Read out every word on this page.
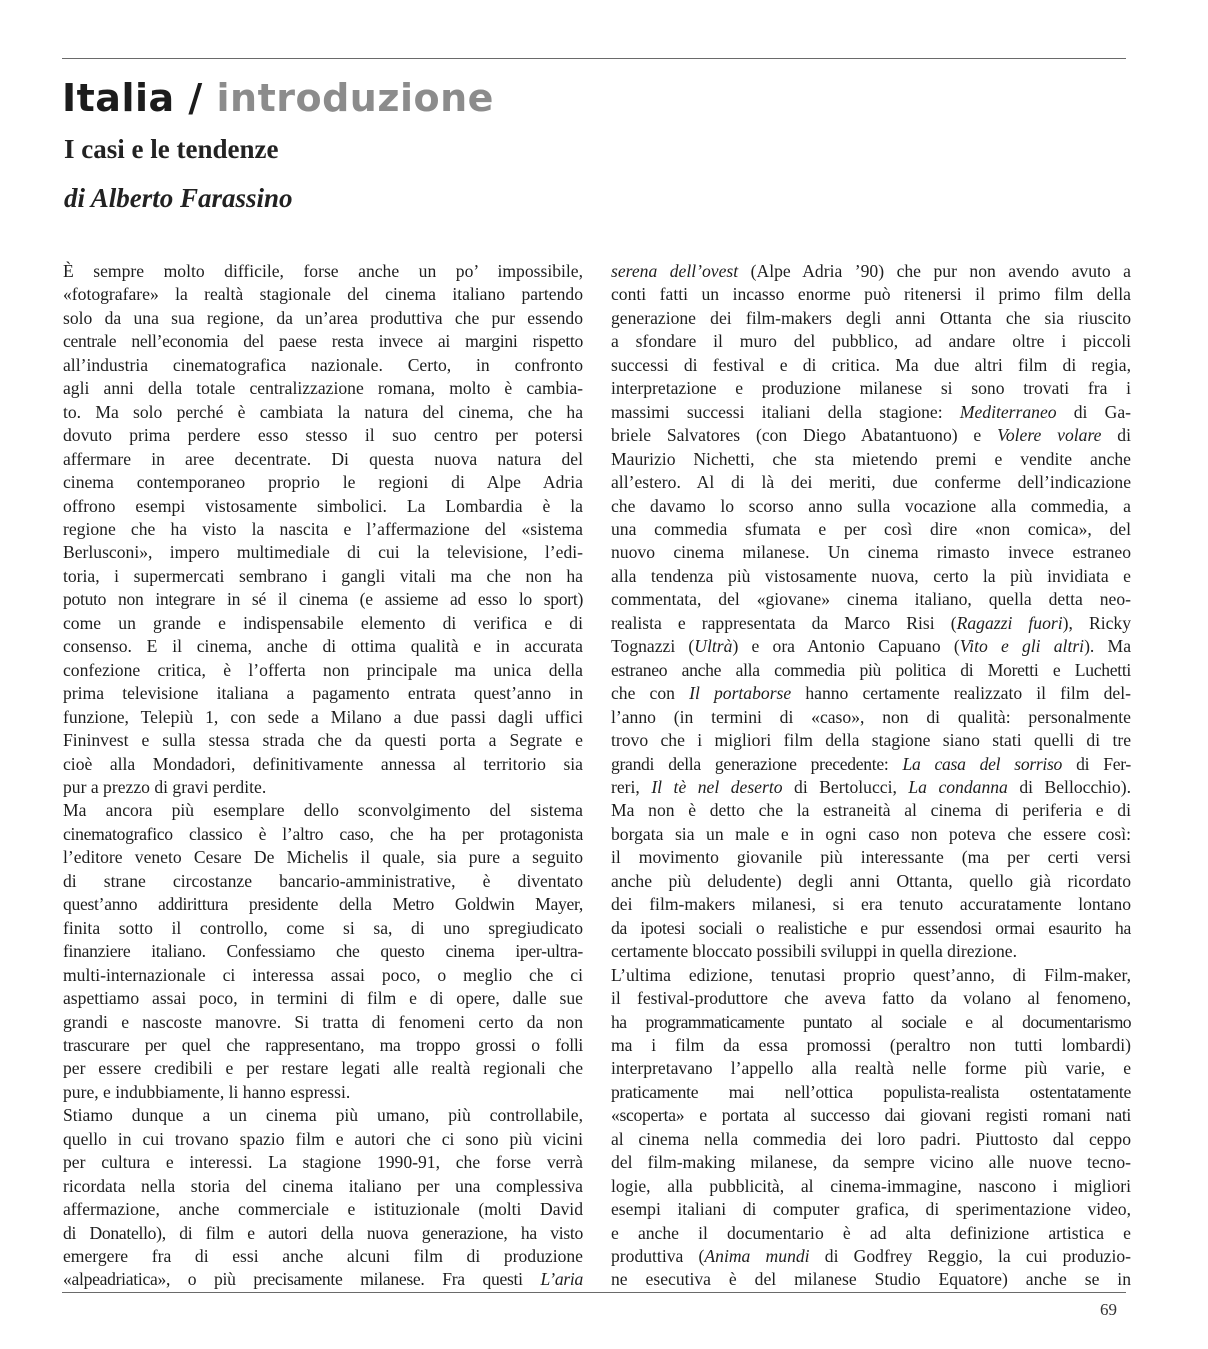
Italia / introduzione
I casi e le tendenze
di Alberto Farassino

È sempre molto difficile, forse anche un po’ impossibile,
«fotografare» la realtà stagionale del cinema italiano partendo
solo da una sua regione, da un’area produttiva che pur essendo
centrale nell’economia del paese resta invece ai margini rispetto
all’industria cinematografica nazionale. Certo, in confronto
agli anni della totale centralizzazione romana, molto è cambia-
to. Ma solo perché è cambiata la natura del cinema, che ha
dovuto prima perdere esso stesso il suo centro per potersi
affermare in aree decentrate. Di questa nuova natura del
cinema contemporaneo proprio le regioni di Alpe Adria
offrono esempi vistosamente simbolici. La Lombardia è la
regione che ha visto la nascita e l’affermazione del «sistema
Berlusconi», impero multimediale di cui la televisione, l’edi-
toria, i supermercati sembrano i gangli vitali ma che non ha
potuto non integrare in sé il cinema (e assieme ad esso lo sport)
come un grande e indispensabile elemento di verifica e di
consenso. E il cinema, anche di ottima qualità e in accurata
confezione critica, è l’offerta non principale ma unica della
prima televisione italiana a pagamento entrata quest’anno in
funzione, Telepiù 1, con sede a Milano a due passi dagli uffici
Fininvest e sulla stessa strada che da questi porta a Segrate e
cioè alla Mondadori, definitivamente annessa al territorio sia
pur a prezzo di gravi perdite.

Ma ancora più esemplare dello sconvolgimento del sistema
cinematografico classico è l’altro caso, che ha per protagonista
l’editore veneto Cesare De Michelis il quale, sia pure a seguito
di strane circostanze bancario-amministrative, è diventato
quest’anno addirittura presidente della Metro Goldwin Mayer,
finita sotto il controllo, come si sa, di uno spregiudicato
finanziere italiano. Confessiamo che questo cinema iper-ultra-
multi-internazionale ci interessa assai poco, o meglio che ci
aspettiamo assai poco, in termini di film e di opere, dalle sue
grandi e nascoste manovre. Si tratta di fenomeni certo da non
trascurare per quel che rappresentano, ma troppo grossi o folli
per essere credibili e per restare legati alle realtà regionali che
pure, e indubbiamente, li hanno espressi.

Stiamo dunque a un cinema più umano, più controllabile,
quello in cui trovano spazio film e autori che ci sono più vicini
per cultura e interessi. La stagione 1990-91, che forse verrà
ricordata nella storia del cinema italiano per una complessiva
affermazione, anche commerciale e istituzionale (molti David
di Donatello), di film e autori della nuova generazione, ha visto
emergere fra di essi anche alcuni film di produzione
«alpeadriatica», o più precisamente milanese. Fra questi L’aria

serena dell’ovest (Alpe Adria ’90) che pur non avendo avuto a
conti fatti un incasso enorme può ritenersi il primo film della
generazione dei film-makers degli anni Ottanta che sia riuscito
a sfondare il muro del pubblico, ad andare oltre i piccoli
successi di festival e di critica. Ma due altri film di regia,
interpretazione e produzione milanese si sono trovati fra i
massimi successi italiani della stagione: Mediterraneo di Ga-
briele Salvatores (con Diego Abatantuono) e Volere volare di
Maurizio Nichetti, che sta mietendo premi e vendite anche
all’estero. Al di là dei meriti, due conferme dell’indicazione
che davamo lo scorso anno sulla vocazione alla commedia, a
una commedia sfumata e per così dire «non comica», del
nuovo cinema milanese. Un cinema rimasto invece estraneo
alla tendenza più vistosamente nuova, certo la più invidiata e
commentata, del «giovane» cinema italiano, quella detta neo-
realista e rappresentata da Marco Risi (Ragazzi fuori), Ricky
Tognazzi (Ultrà) e ora Antonio Capuano (Vito e gli altri). Ma
estraneo anche alla commedia più politica di Moretti e Luchetti
che con Il portaborse hanno certamente realizzato il film del-
l’anno (in termini di «caso», non di qualità: personalmente
trovo che i migliori film della stagione siano stati quelli di tre
grandi della generazione precedente: La casa del sorriso di Fer-
reri, Il tè nel deserto di Bertolucci, La condanna di Bellocchio).
Ma non è detto che la estraneità al cinema di periferia e di
borgata sia un male e in ogni caso non poteva che essere così:
il movimento giovanile più interessante (ma per certi versi
anche più deludente) degli anni Ottanta, quello già ricordato
dei film-makers milanesi, si era tenuto accuratamente lontano
da ipotesi sociali o realistiche e pur essendosi ormai esaurito ha
certamente bloccato possibili sviluppi in quella direzione.

L’ultima edizione, tenutasi proprio quest’anno, di Film-maker,
il festival-produttore che aveva fatto da volano al fenomeno,
ha programmaticamente puntato al sociale e al documentarismo
ma i film da essa promossi (peraltro non tutti lombardi)
interpretavano l’appello alla realtà nelle forme più varie, e
praticamente mai nell’ottica populista-realista ostentatamente
«scoperta» e portata al successo dai giovani registi romani nati
al cinema nella commedia dei loro padri. Piuttosto dal ceppo
del film-making milanese, da sempre vicino alle nuove tecno-
logie, alla pubblicità, al cinema-immagine, nascono i migliori
esempi italiani di computer grafica, di sperimentazione video,
e anche il documentario è ad alta definizione artistica e
produttiva (Anima mundi di Godfrey Reggio, la cui produzio-
ne esecutiva è del milanese Studio Equatore) anche se in

69
